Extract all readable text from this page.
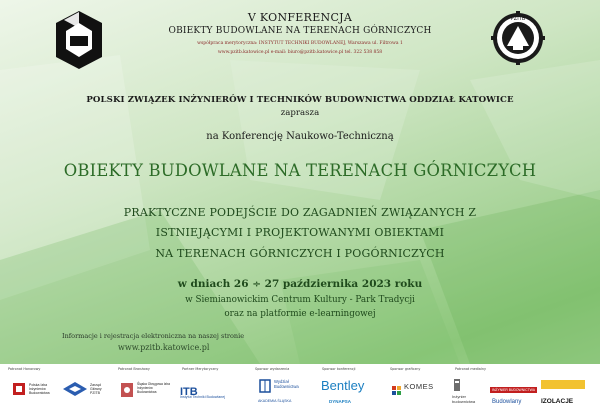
PZITB
V KONFERENCJA
OBIEKTY BUDOWLANE NA TERENACH GÓRNICZYCH
współpraca merytoryczna: INSTYTUT TECHNIKI BUDOWLANEJ, Warszawa ul. Filtrowa 1
www.pzitb.katowice.pl e-mail: biuro@pzitb.katowice.pl tel. 322 538 858
POLSKI ZWIĄZEK INŻYNIERÓW I TECHNIKÓW BUDOWNICTWA ODDZIAŁ KATOWICE
zaprasza
na Konferencję Naukowo-Techniczną
OBIEKTY BUDOWLANE NA TERENACH GÓRNICZYCH
PRAKTYCZNE PODEJŚCIE DO ZAGADNIEŃ ZWIĄZANYCH Z
ISTNIEJĄCYMI I PROJEKTOWANYMI OBIEKTAMI
NA TERENACH GÓRNICZYCH I POGÓRNICZYCH
w dniach 26 ÷ 27 października 2023 roku
w Siemianowickim Centrum Kultury - Park Tradycji
oraz na platformie e-learningowej
Informacje i rejestracja elektroniczna na naszej stronie
www.pzitb.katowice.pl
Patronat Honorowy	Patronat Branżowy	Partner Merytoryczny	Sponsor wydarzenia	Sponsor konferencji	Sponsor graficzny	Patronat medialny
Polska Izba Inżynierów Budownictwa
Zarząd Główny PZITB
Śląska Okręgowa Izba Inżynierów Budownictwa	ITB
Instytut Techniki Budowlanej
Wydział Budownictwa
AKADEMIA ŚLĄSKA
Bentley
DYNAPSA
KOMES
Inżynier budownictwa
INŻYNIER BUDOWNICTWA
Budowlany	IZOLACJE
